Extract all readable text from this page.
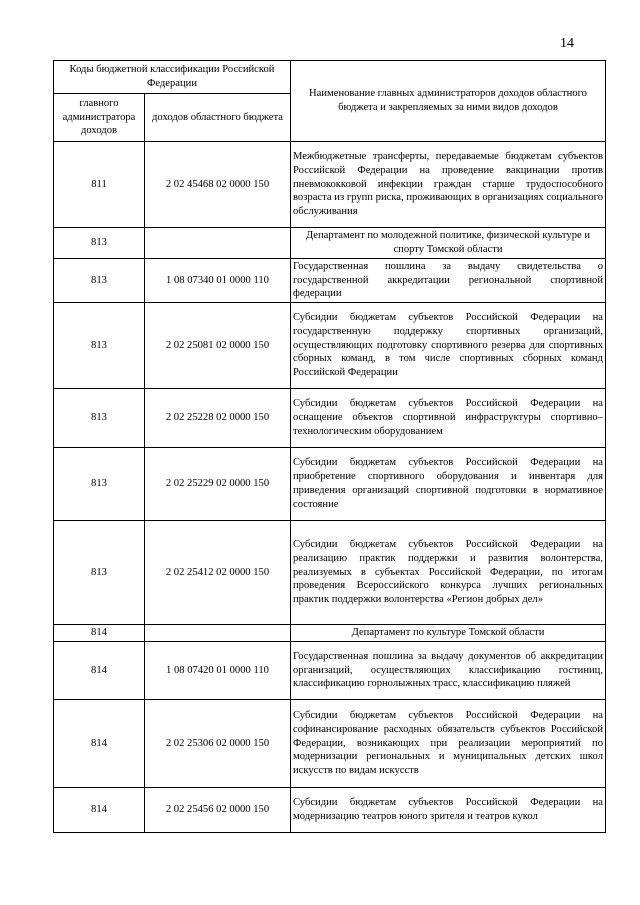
14
Коды бюджетной классификации Российской Федерации		Наименование главных администраторов доходов областного бюджета и закрепляемых за ними видов доходов
главного администратора доходов	доходов областного бюджета	
811	2 02 45468 02 0000 150	Межбюджетные трансферты, передаваемые бюджетам субъектов Российской Федерации на проведение вакцинации против пневмококковой инфекции граждан старше трудоспособного возраста из групп риска, проживающих в организациях социального обслуживания
813		Департамент по молодежной политике, физической культуре и спорту Томской области
813	1 08 07340 01 0000 110	Государственная пошлина за выдачу свидетельства о государственной аккредитации региональной спортивной федерации
813	2 02 25081 02 0000 150	Субсидии бюджетам субъектов Российской Федерации на государственную поддержку спортивных организаций, осуществляющих подготовку спортивного резерва для спортивных сборных команд, в том числе спортивных сборных команд Российской Федерации
813	2 02 25228 02 0000 150	Субсидии бюджетам субъектов Российской Федерации на оснащение объектов спортивной инфраструктуры спортивно–технологическим оборудованием
813	2 02 25229 02 0000 150	Субсидии бюджетам субъектов Российской Федерации на приобретение спортивного оборудования и инвентаря для приведения организаций спортивной подготовки в нормативное состояние
813	2 02 25412 02 0000 150	Субсидии бюджетам субъектов Российской Федерации на реализацию практик поддержки и развития волонтерства, реализуемых в субъектах Российской Федерации, по итогам проведения Всероссийского конкурса лучших региональных практик поддержки волонтерства «Регион добрых дел»
814		Департамент по культуре Томской области
814	1 08 07420 01 0000 110	Государственная пошлина за выдачу документов об аккредитации организаций, осуществляющих классификацию гостиниц, классификацию горнолыжных трасс, классификацию пляжей
814	2 02 25306 02 0000 150	Субсидии бюджетам субъектов Российской Федерации на софинансирование расходных обязательств субъектов Российской Федерации, возникающих при реализации мероприятий по модернизации региональных и муниципальных детских школ искусств по видам искусств
814	2 02 25456 02 0000 150	Субсидии бюджетам субъектов Российской Федерации на модернизацию театров юного зрителя и театров кукол
